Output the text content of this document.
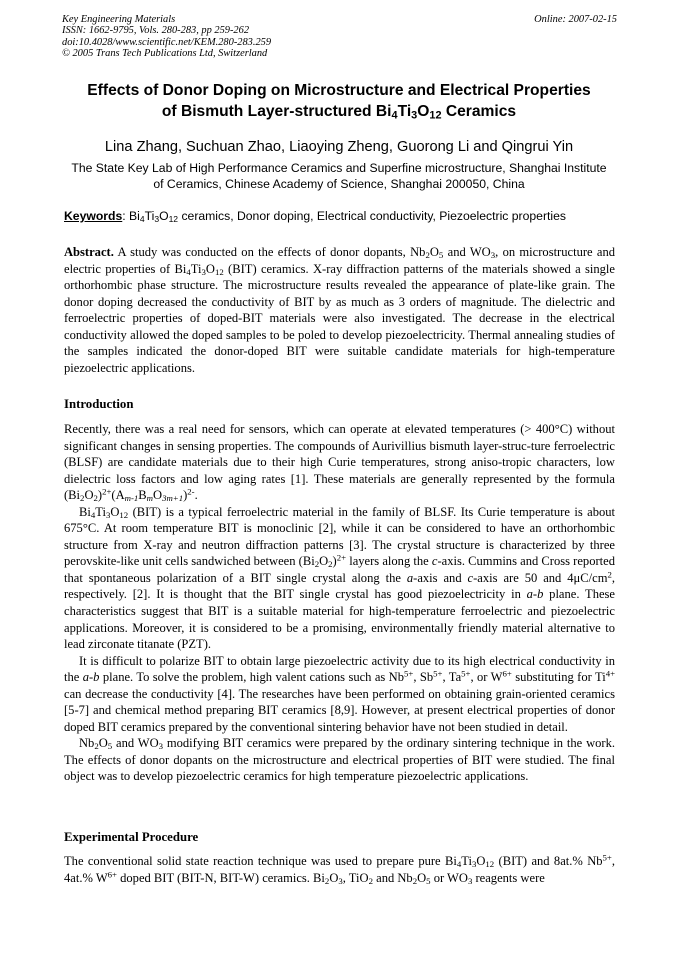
Key Engineering Materials
ISSN: 1662-9795, Vols. 280-283, pp 259-262
doi:10.4028/www.scientific.net/KEM.280-283.259
© 2005 Trans Tech Publications Ltd, Switzerland
Online: 2007-02-15
Effects of Donor Doping on Microstructure and Electrical Properties
of Bismuth Layer-structured $Bi_4Ti_3O_{12}$ Ceramics
Lina Zhang, Suchuan Zhao, Liaoying Zheng, Guorong Li and Qingrui Yin
The State Key Lab of High Performance Ceramics and Superfine microstructure, Shanghai Institute
of Ceramics, Chinese Academy of Science, Shanghai 200050, China
Keywords: $Bi_4Ti_3O_{12}$ ceramics, Donor doping, Electrical conductivity, Piezoelectric properties

Abstract. A study was conducted on the effects of donor dopants, $Nb_2O_5$ and $WO_3$, on microstructure and electric properties of $Bi_4Ti_3O_{12}$ (BIT) ceramics. X-ray diffraction patterns of the materials showed a single orthorhombic phase structure. The microstructure results revealed the appearance of plate-like grain. The donor doping decreased the conductivity of BIT by as much as 3 orders of magnitude. The dielectric and ferroelectric properties of doped-BIT materials were also investigated. The decrease in the electrical conductivity allowed the doped samples to be poled to develop piezoelectricity. Thermal annealing studies of the samples indicated the donor-doped BIT were suitable candidate materials for high-temperature piezoelectric applications.

Introduction

Recently, there was a real need for sensors, which can operate at elevated temperatures (> 400°C) without significant changes in sensing properties. The compounds of Aurivillius bismuth layer-struc-ture ferroelectric (BLSF) are candidate materials due to their high Curie temperatures, strong aniso-tropic characters, low dielectric loss factors and low aging rates [1]. These materials are generally represented by the formula $(Bi_2O_2)^{2+}(A_{m-1}B_mO_{3m+1})^{2-}$.

$Bi_4Ti_3O_{12}$ (BIT) is a typical ferroelectric material in the family of BLSF. Its Curie temperature is about 675°C. At room temperature BIT is monoclinic [2], while it can be considered to have an orthorhombic structure from X-ray and neutron diffraction patterns [3]. The crystal structure is characterized by three perovskite-like unit cells sandwiched between $(Bi_2O_2)^{2+}$ layers along the c-axis. Cummins and Cross reported that spontaneous polarization of a BIT single crystal along the a-axis and c-axis are 50 and $4\mu C/cm^2$, respectively. [2]. It is thought that the BIT single crystal has good piezoelectricity in a-b plane. These characteristics suggest that BIT is a suitable material for high-temperature ferroelectric and piezoelectric applications. Moreover, it is considered to be a promising, environmentally friendly material alternative to lead zirconate titanate (PZT).

It is difficult to polarize BIT to obtain large piezoelectric activity due to its high electrical conductivity in the a-b plane. To solve the problem, high valent cations such as $Nb^{5+}$, $Sb^{5+}$, $Ta^{5+}$, or $W^{6+}$ substituting for $Ti^{4+}$ can decrease the conductivity [4]. The researches have been performed on obtaining grain-oriented ceramics [5-7] and chemical method preparing BIT ceramics [8,9]. However, at present electrical properties of donor doped BIT ceramics prepared by the conventional sintering behavior have not been studied in detail.

$Nb_2O_5$ and $WO_3$ modifying BIT ceramics were prepared by the ordinary sintering technique in the work. The effects of donor dopants on the microstructure and electrical properties of BIT were studied. The final object was to develop piezoelectric ceramics for high temperature piezoelectric applications.

Experimental Procedure

The conventional solid state reaction technique was used to prepare pure $Bi_4Ti_3O_{12}$ (BIT) and 8at.% $Nb^{5+}$, 4at.% $W^{6+}$ doped BIT (BIT-N, BIT-W) ceramics. $Bi_2O_3$, TiO$_2$ and $Nb_2O_5$ or $WO_3$ reagents were
